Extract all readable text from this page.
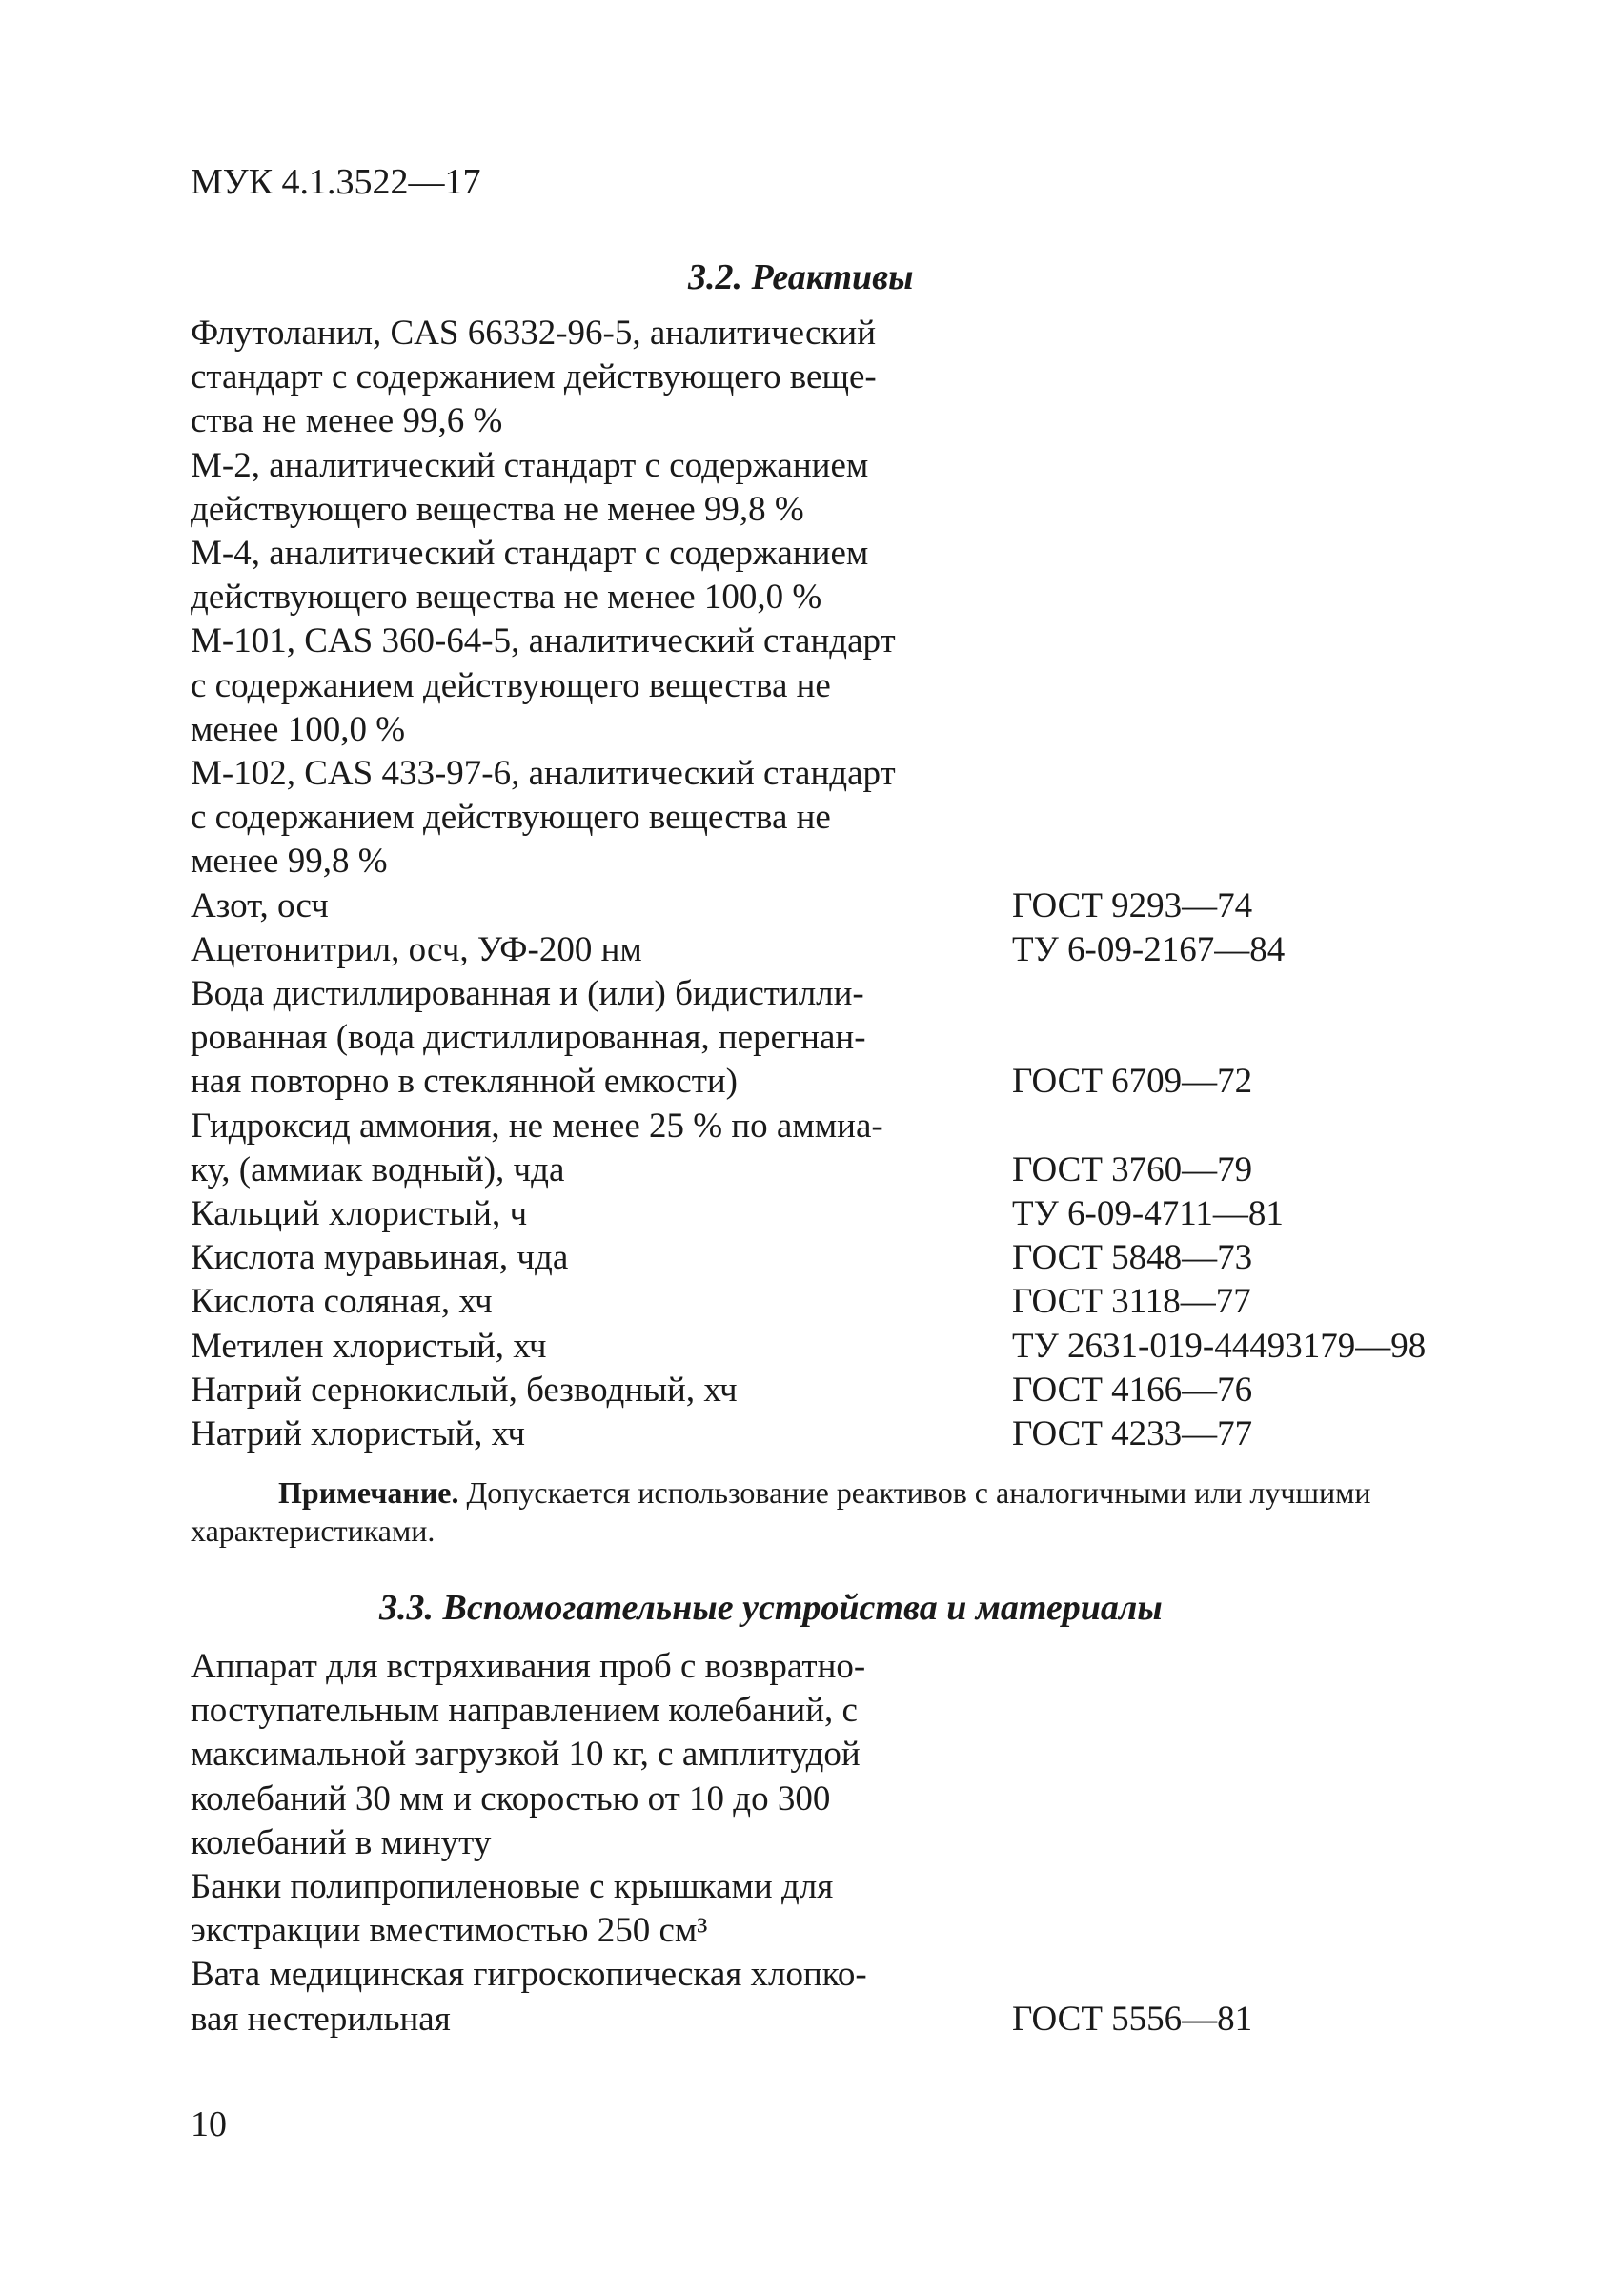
МУК 4.1.3522—17
3.2. Реактивы
Флутоланил, CAS 66332-96-5, аналитический
стандарт с содержанием действующего веще-
ства не менее 99,6 %
М-2, аналитический стандарт с содержанием
действующего вещества не менее 99,8 %
М-4, аналитический стандарт с содержанием
действующего вещества не менее 100,0 %
М-101, CAS 360-64-5, аналитический стандарт
с содержанием действующего вещества не
менее 100,0 %
М-102, CAS 433-97-6, аналитический стандарт
с содержанием действующего вещества не
менее 99,8 %
Азот, осч	ГОСТ 9293—74
Ацетонитрил, осч, УФ-200 нм	ТУ 6-09-2167—84
Вода дистиллированная и (или) бидистилли-
рованная (вода дистиллированная, перегнан-
ная повторно в стеклянной емкости)	ГОСТ 6709—72
Гидроксид аммония, не менее 25 % по аммиа-
ку, (аммиак водный), чда	ГОСТ 3760—79
Кальций хлористый, ч	ТУ 6-09-4711—81
Кислота муравьиная, чда	ГОСТ 5848—73
Кислота соляная, хч	ГОСТ 3118—77
Метилен хлористый, хч	ТУ 2631-019-44493179—98
Натрий сернокислый, безводный, хч	ГОСТ 4166—76
Натрий хлористый, хч	ГОСТ 4233—77
Примечание. Допускается использование реактивов с аналогичными или лучшими характеристиками.
3.3. Вспомогательные устройства и материалы
Аппарат для встряхивания проб с возвратно-
поступательным направлением колебаний, с
максимальной загрузкой 10 кг, с амплитудой
колебаний 30 мм и скоростью от 10 до 300
колебаний в минуту
Банки полипропиленовые с крышками для
экстракции вместимостью 250 см³
Вата медицинская гигроскопическая хлопко-
вая нестерильная	ГОСТ 5556—81
10
